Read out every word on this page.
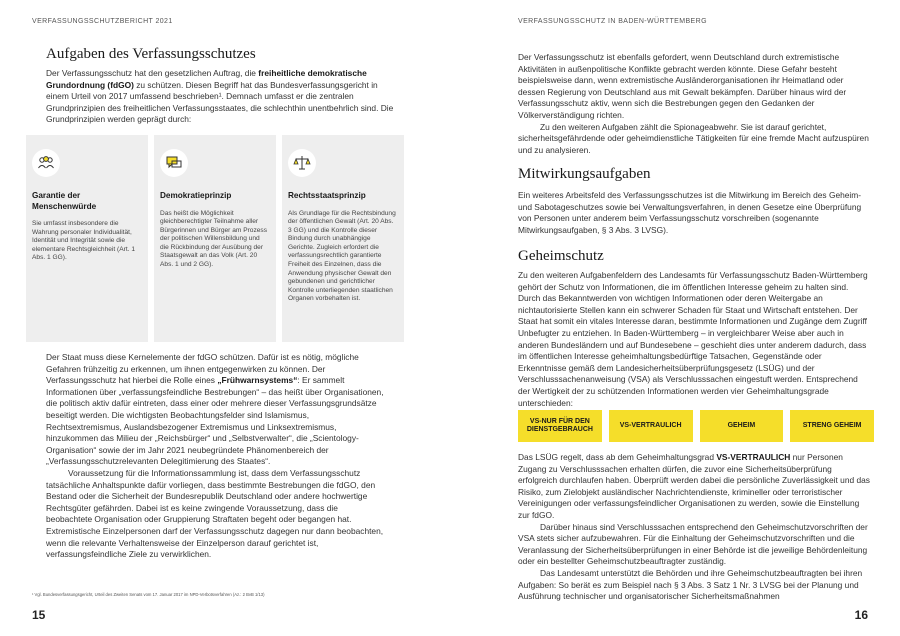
VERFASSUNGSSCHUTZBERICHT 2021
Aufgaben des Verfassungsschutzes

Der Verfassungsschutz hat den gesetzlichen Auftrag, die freiheitliche demokratische Grundordnung (fdGO) zu schützen. Diesen Begriff hat das Bundesverfassungsgericht in einem Urteil von 2017 umfassend beschrieben¹. Demnach umfasst er die zentralen Grundprinzipien des freiheitlichen Verfassungsstaates, die schlechthin unentbehrlich sind. Die Grundprinzipien werden geprägt durch:

Garantie der Menschenwürde
Sie umfasst insbesondere die Wahrung personaler Individualität, Identität und Integrität sowie die elementare Rechtsgleichheit (Art. 1 Abs. 1 GG).
Demokratieprinzip
Das heißt die Möglichkeit gleichberechtigter Teilnahme aller Bürgerinnen und Bürger am Prozess der politischen Willensbildung und die Rückbindung der Ausübung der Staatsgewalt an das Volk (Art. 20 Abs. 1 und 2 GG).
Rechtsstaatsprinzip
Als Grundlage für die Rechtsbindung der öffentlichen Gewalt (Art. 20 Abs. 3 GG) und die Kontrolle dieser Bindung durch unabhängige Gerichte. Zugleich erfordert die verfassungsrechtlich garantierte Freiheit des Einzelnen, dass die Anwendung physischer Gewalt den gebundenen und gerichtlicher Kontrolle unterliegenden staatlichen Organen vorbehalten ist.

Der Staat muss diese Kernelemente der fdGO schützen. Dafür ist es nötig, mögliche Gefahren frühzeitig zu erkennen, um ihnen entgegenwirken zu können. Der Verfassungsschutz hat hierbei die Rolle eines „Frühwarnsystems“: Er sammelt Informationen über „verfassungsfeindliche Bestrebungen“ – das heißt über Organisationen, die politisch aktiv dafür eintreten, dass einer oder mehrere dieser Verfassungsgrundsätze beseitigt werden. Die wichtigsten Beobachtungsfelder sind Islamismus, Rechtsextremismus, Auslandsbezogener Extremismus und Linksextremismus, hinzukommen das Milieu der „Reichsbürger“ und „Selbstverwalter“, die „Scientology-Organisation“ sowie der im Jahr 2021 neubegründete Phänomenbereich der „Verfassungsschutzrelevanten Delegitimierung des Staates“.

Voraussetzung für die Informationssammlung ist, dass dem Verfassungsschutz tatsächliche Anhaltspunkte dafür vorliegen, dass bestimmte Bestrebungen die fdGO, den Bestand oder die Sicherheit der Bundesrepublik Deutschland oder andere hochwertige Rechtsgüter gefährden. Dabei ist es keine zwingende Voraussetzung, dass die beobachtete Organisation oder Gruppierung Straftaten begeht oder begangen hat. Extremistische Einzelpersonen darf der Verfassungsschutz dagegen nur dann beobachten, wenn die relevante Verhaltensweise der Einzelperson darauf gerichtet ist, verfassungsfeindliche Ziele zu verwirklichen.

¹ Vgl. Bundesverfassungsgericht, Urteil des Zweiten Senats vom 17. Januar 2017 im NPD-Verbotsverfahren (Az.: 2 BvB 1/13)
15
VERFASSUNGSSCHUTZ IN BADEN-WÜRTTEMBERG

Der Verfassungsschutz ist ebenfalls gefordert, wenn Deutschland durch extremistische Aktivitäten in außenpolitische Konflikte gebracht werden könnte. Diese Gefahr besteht beispielsweise dann, wenn extremistische Ausländerorganisationen ihr Heimatland oder dessen Regierung von Deutschland aus mit Gewalt bekämpfen. Darüber hinaus wird der Verfassungsschutz aktiv, wenn sich die Bestrebungen gegen den Gedanken der Völkerverständigung richten.

Zu den weiteren Aufgaben zählt die Spionageabwehr. Sie ist darauf gerichtet, sicherheitsgefährdende oder geheimdienstliche Tätigkeiten für eine fremde Macht aufzuspüren und zu analysieren.

Mitwirkungsaufgaben

Ein weiteres Arbeitsfeld des Verfassungsschutzes ist die Mitwirkung im Bereich des Geheim- und Sabotageschutzes sowie bei Verwaltungsverfahren, in denen Gesetze eine Überprüfung von Personen unter anderem beim Verfassungsschutz vorschreiben (sogenannte Mitwirkungsaufgaben, § 3 Abs. 3 LVSG).

Geheimschutz

Zu den weiteren Aufgabenfeldern des Landesamts für Verfassungsschutz Baden-Württemberg gehört der Schutz von Informationen, die im öffentlichen Interesse geheim zu halten sind. Durch das Bekanntwerden von wichtigen Informationen oder deren Weitergabe an nichtautorisierte Stellen kann ein schwerer Schaden für Staat und Wirtschaft entstehen. Der Staat hat somit ein vitales Interesse daran, bestimmte Informationen und Zugänge dem Zugriff Unbefugter zu entziehen. In Baden-Württemberg – in vergleichbarer Weise aber auch in anderen Bundesländern und auf Bundesebene – geschieht dies unter anderem dadurch, dass im öffentlichen Interesse geheimhaltungsbedürftige Tatsachen, Gegenstände oder Erkenntnisse gemäß dem Landesicherheitsüberprüfungsgesetz (LSÜG) und der Verschlusssachenanweisung (VSA) als Verschlusssachen eingestuft werden. Entsprechend der Wertigkeit der zu schützenden Informationen werden vier Geheimhaltungsgrade unterschieden:

16
VS-NUR FÜR DEN DIENSTGEBRAUCH
VS-VERTRAULICH	GEHEIM	STRENG GEHEIM

Das LSÜG regelt, dass ab dem Geheimhaltungsgrad VS-VERTRAULICH nur Personen Zugang zu Verschlusssachen erhalten dürfen, die zuvor eine Sicherheitsüberprüfung erfolgreich durchlaufen haben. Überprüft werden dabei die persönliche Zuverlässigkeit und das Risiko, zum Zielobjekt ausländischer Nachrichtendienste, krimineller oder terroristischer Vereinigungen oder verfassungsfeindlicher Organisationen zu werden, sowie die Einstellung zur fdGO.

Darüber hinaus sind Verschlusssachen entsprechend den Geheimschutzvorschriften der VSA stets sicher aufzubewahren. Für die Einhaltung der Geheimschutzvorschriften und die Veranlassung der Sicherheitsüberprüfungen in einer Behörde ist die jeweilige Behördenleitung oder ein bestellter Geheimschutzbeauftragter zuständig.

Das Landesamt unterstützt die Behörden und ihre Geheimschutzbeauftragten bei ihren Aufgaben: So berät es zum Beispiel nach § 3 Abs. 3 Satz 1 Nr. 3 LVSG bei der Planung und Ausführung technischer und organisatorischer Sicherheitsmaßnahmen
